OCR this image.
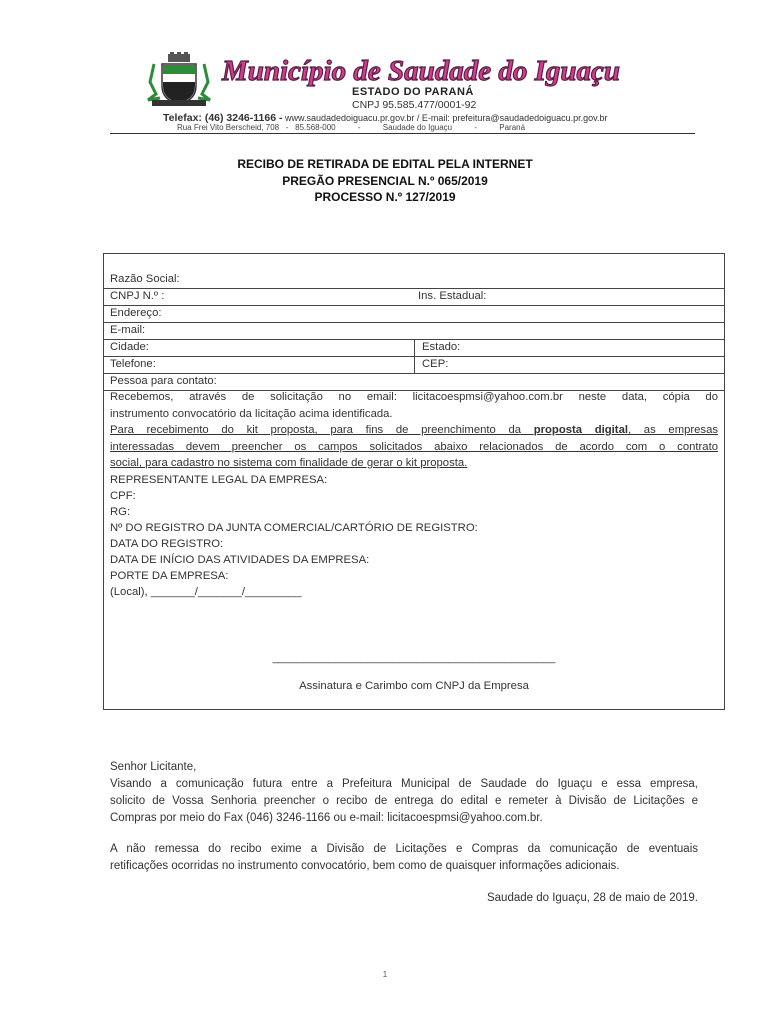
Município de Saudade do Iguaçu
ESTADO DO PARANÁ
CNPJ 95.585.477/0001-92
Telefax: (46) 3246-1166 - www.saudadedoiguacu.pr.gov.br / E-mail: prefeitura@saudadedoiguacu.pr.gov.br
Rua Frei Vito Berscheid, 708   -   85.568-000          -          Saudade do Iguaçu          -          Paraná
RECIBO DE RETIRADA DE EDITAL PELA INTERNET
PREGÃO PRESENCIAL N.º 065/2019
PROCESSO N.º 127/2019
Razão Social:
CNPJ N.º :	Ins. Estadual:
Endereço:
E-mail:
Cidade:	Estado:
Telefone:	CEP:
Pessoa para contato:
Recebemos, através de solicitação no email: licitacoespmsi@yahoo.com.br neste data, cópia do
instrumento convocatório da licitação acima identificada.
Para recebimento do kit proposta, para fins de preenchimento da proposta digital, as empresas
interessadas devem preencher os campos solicitados abaixo relacionados de acordo com o contrato
social, para cadastro no sistema com finalidade de gerar o kit proposta.
REPRESENTANTE LEGAL DA EMPRESA:
CPF:
RG:
Nº DO REGISTRO DA JUNTA COMERCIAL/CARTÓRIO DE REGISTRO:
DATA DO REGISTRO:
DATA DE INÍCIO DAS ATIVIDADES DA EMPRESA:
PORTE DA EMPRESA:
(Local), _______/_______/_________
_____________________________________________
Assinatura e Carimbo com CNPJ da Empresa
Senhor Licitante,
Visando a comunicação futura entre a Prefeitura Municipal de Saudade do Iguaçu e essa empresa,
solicito de Vossa Senhoria preencher o recibo de entrega do edital e remeter à Divisão de Licitações e
Compras por meio do Fax (046) 3246-1166 ou e-mail: licitacoespmsi@yahoo.com.br.
A não remessa do recibo exime a Divisão de Licitações e Compras da comunicação de eventuais
retificações ocorridas no instrumento convocatório, bem como de quaisquer informações adicionais.
Saudade do Iguaçu, 28 de maio de 2019.
1
